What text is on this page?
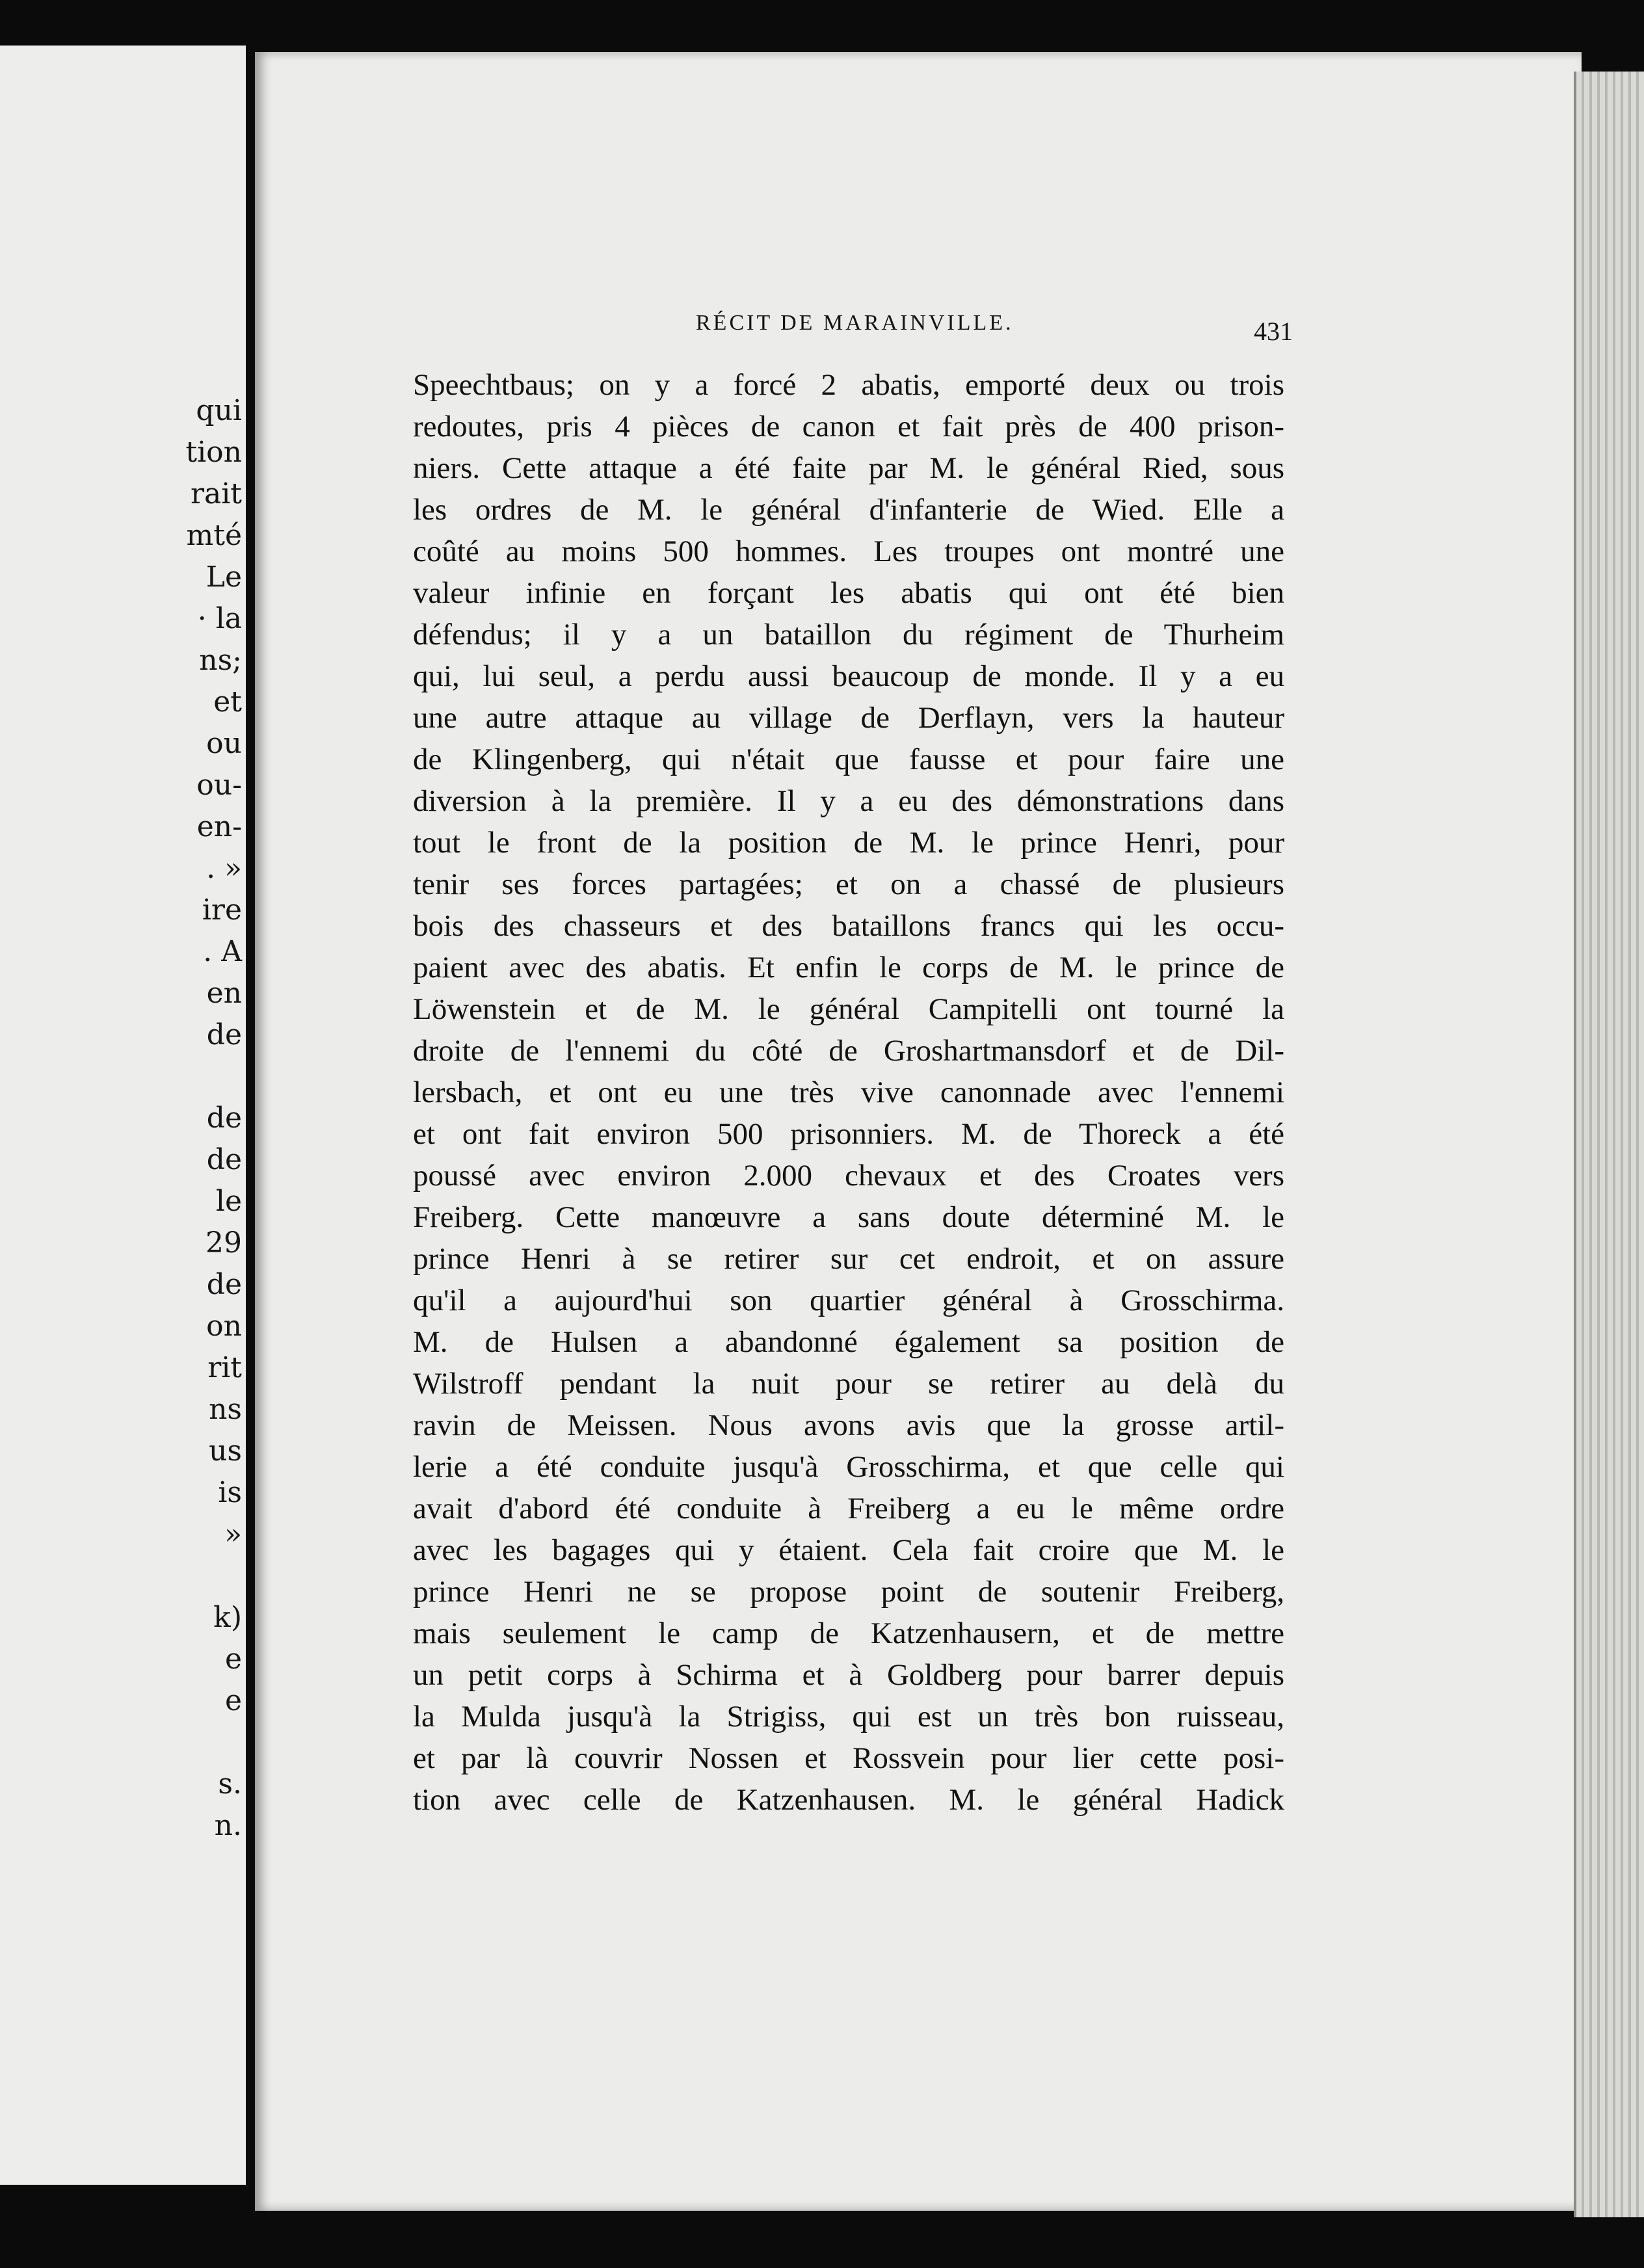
qui
tion
rait
mté
Le
· la
ns;
et
ou
ou-
en-
. »
ire
. A
en
de
de
de
le
29
de
on
rit
ns
us
is
»
k)
e
e
s.
n.
RÉCIT DE MARAINVILLE.	431
Speechtbaus; on y a forcé 2 abatis, emporté deux ou trois
redoutes, pris 4 pièces de canon et fait près de 400 prison-
niers. Cette attaque a été faite par M. le général Ried, sous
les ordres de M. le général d'infanterie de Wied. Elle a
coûté au moins 500 hommes. Les troupes ont montré une
valeur infinie en forçant les abatis qui ont été bien
défendus; il y a un bataillon du régiment de Thurheim
qui, lui seul, a perdu aussi beaucoup de monde. Il y a eu
une autre attaque au village de Derflayn, vers la hauteur
de Klingenberg, qui n'était que fausse et pour faire une
diversion à la première. Il y a eu des démonstrations dans
tout le front de la position de M. le prince Henri, pour
tenir ses forces partagées; et on a chassé de plusieurs
bois des chasseurs et des bataillons francs qui les occu-
paient avec des abatis. Et enfin le corps de M. le prince de
Löwenstein et de M. le général Campitelli ont tourné la
droite de l'ennemi du côté de Groshartmansdorf et de Dil-
lersbach, et ont eu une très vive canonnade avec l'ennemi
et ont fait environ 500 prisonniers. M. de Thoreck a été
poussé avec environ 2.000 chevaux et des Croates vers
Freiberg. Cette manœuvre a sans doute déterminé M. le
prince Henri à se retirer sur cet endroit, et on assure
qu'il a aujourd'hui son quartier général à Grosschirma.
M. de Hulsen a abandonné également sa position de
Wilstroff pendant la nuit pour se retirer au delà du
ravin de Meissen. Nous avons avis que la grosse artil-
lerie a été conduite jusqu'à Grosschirma, et que celle qui
avait d'abord été conduite à Freiberg a eu le même ordre
avec les bagages qui y étaient. Cela fait croire que M. le
prince Henri ne se propose point de soutenir Freiberg,
mais seulement le camp de Katzenhausern, et de mettre
un petit corps à Schirma et à Goldberg pour barrer depuis
la Mulda jusqu'à la Strigiss, qui est un très bon ruisseau,
et par là couvrir Nossen et Rossvein pour lier cette posi-
tion avec celle de Katzenhausen. M. le général Hadick
